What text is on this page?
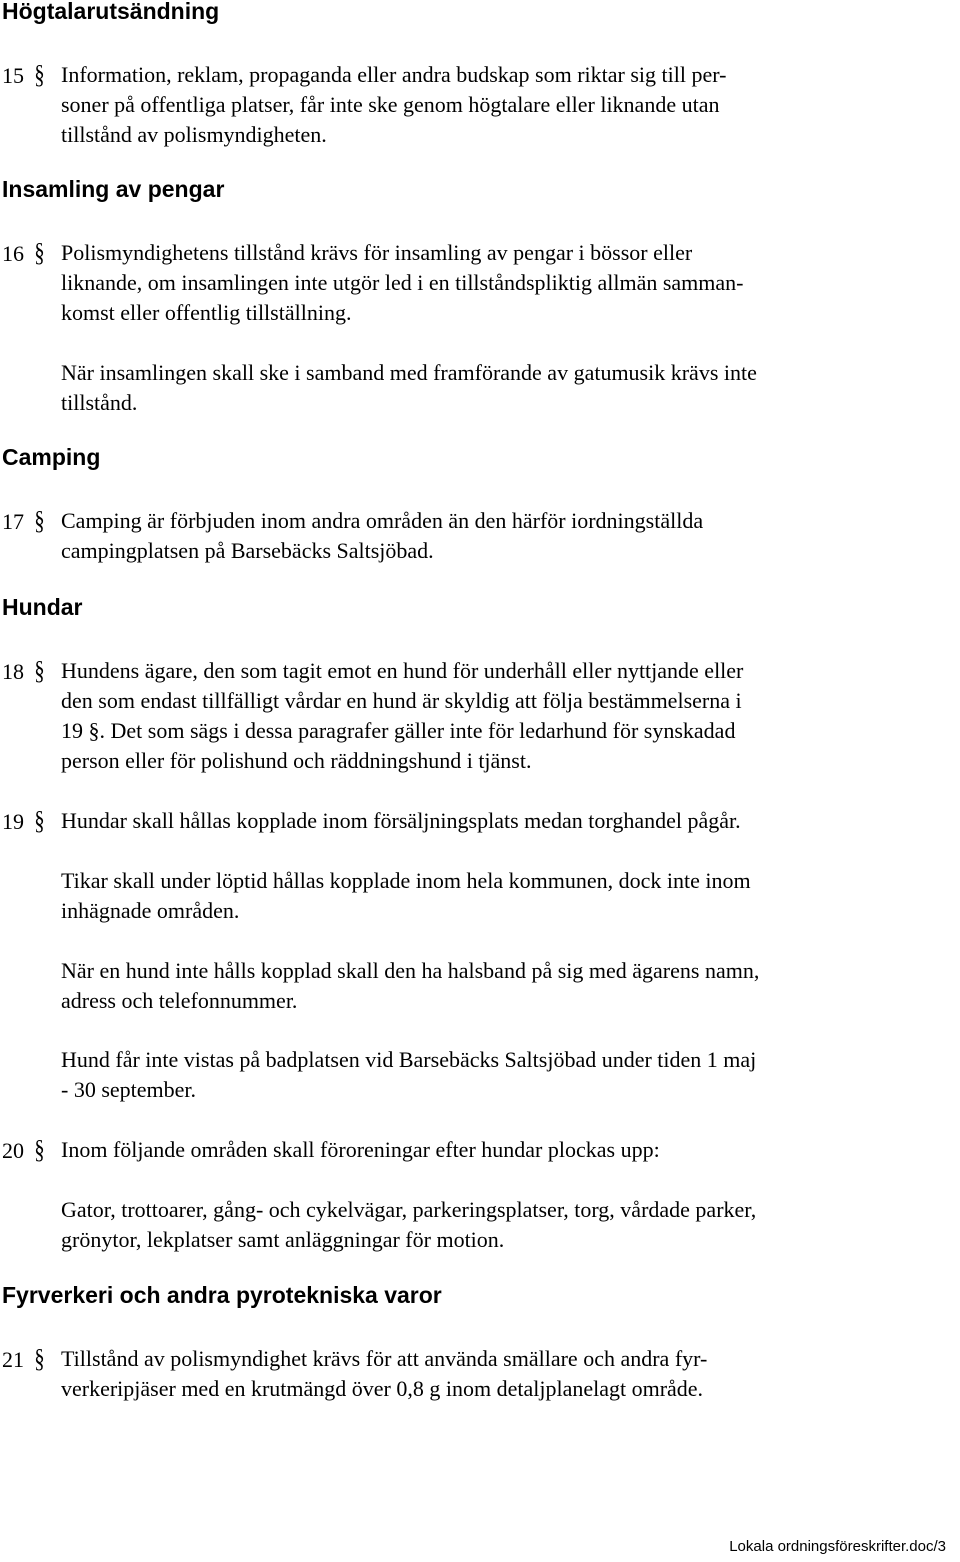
Högtalarutsändning
15 § Information, reklam, propaganda eller andra budskap som riktar sig till per-
soner på offentliga platser, får inte ske genom högtalare eller liknande utan
tillstånd av polismyndigheten.
Insamling av pengar
16 § Polismyndighetens tillstånd krävs för insamling av pengar i bössor eller
liknande, om insamlingen inte utgör led i en tillståndspliktig allmän samman-
komst eller offentlig tillställning.
När insamlingen skall ske i samband med framförande av gatumusik krävs inte
tillstånd.
Camping
17 § Camping är förbjuden inom andra områden än den härför iordningställda
campingplatsen på Barsebäcks Saltsjöbad.
Hundar
18 § Hundens ägare, den som tagit emot en hund för underhåll eller nyttjande eller
den som endast tillfälligt vårdar en hund är skyldig att följa bestämmelserna i
19 §. Det som sägs i dessa paragrafer gäller inte för ledarhund för synskadad
person eller för polishund och räddningshund i tjänst.
19 § Hundar skall hållas kopplade inom försäljningsplats medan torghandel pågår.
Tikar skall under löptid hållas kopplade inom hela kommunen, dock inte inom
inhägnade områden.
När en hund inte hålls kopplad skall den ha halsband på sig med ägarens namn,
adress och telefonnummer.
Hund får inte vistas på badplatsen vid Barsebäcks Saltsjöbad under tiden 1 maj
- 30 september.
20 § Inom följande områden skall föroreningar efter hundar plockas upp:
Gator, trottoarer, gång- och cykelvägar, parkeringsplatser, torg, vårdade parker,
grönytor, lekplatser samt anläggningar för motion.
Fyrverkeri och andra pyrotekniska varor
21 § Tillstånd av polismyndighet krävs för att använda smällare och andra fyr-
verkeripjäser med en krutmängd över 0,8 g inom detaljplanelagt område.
Lokala ordningsföreskrifter.doc/3
